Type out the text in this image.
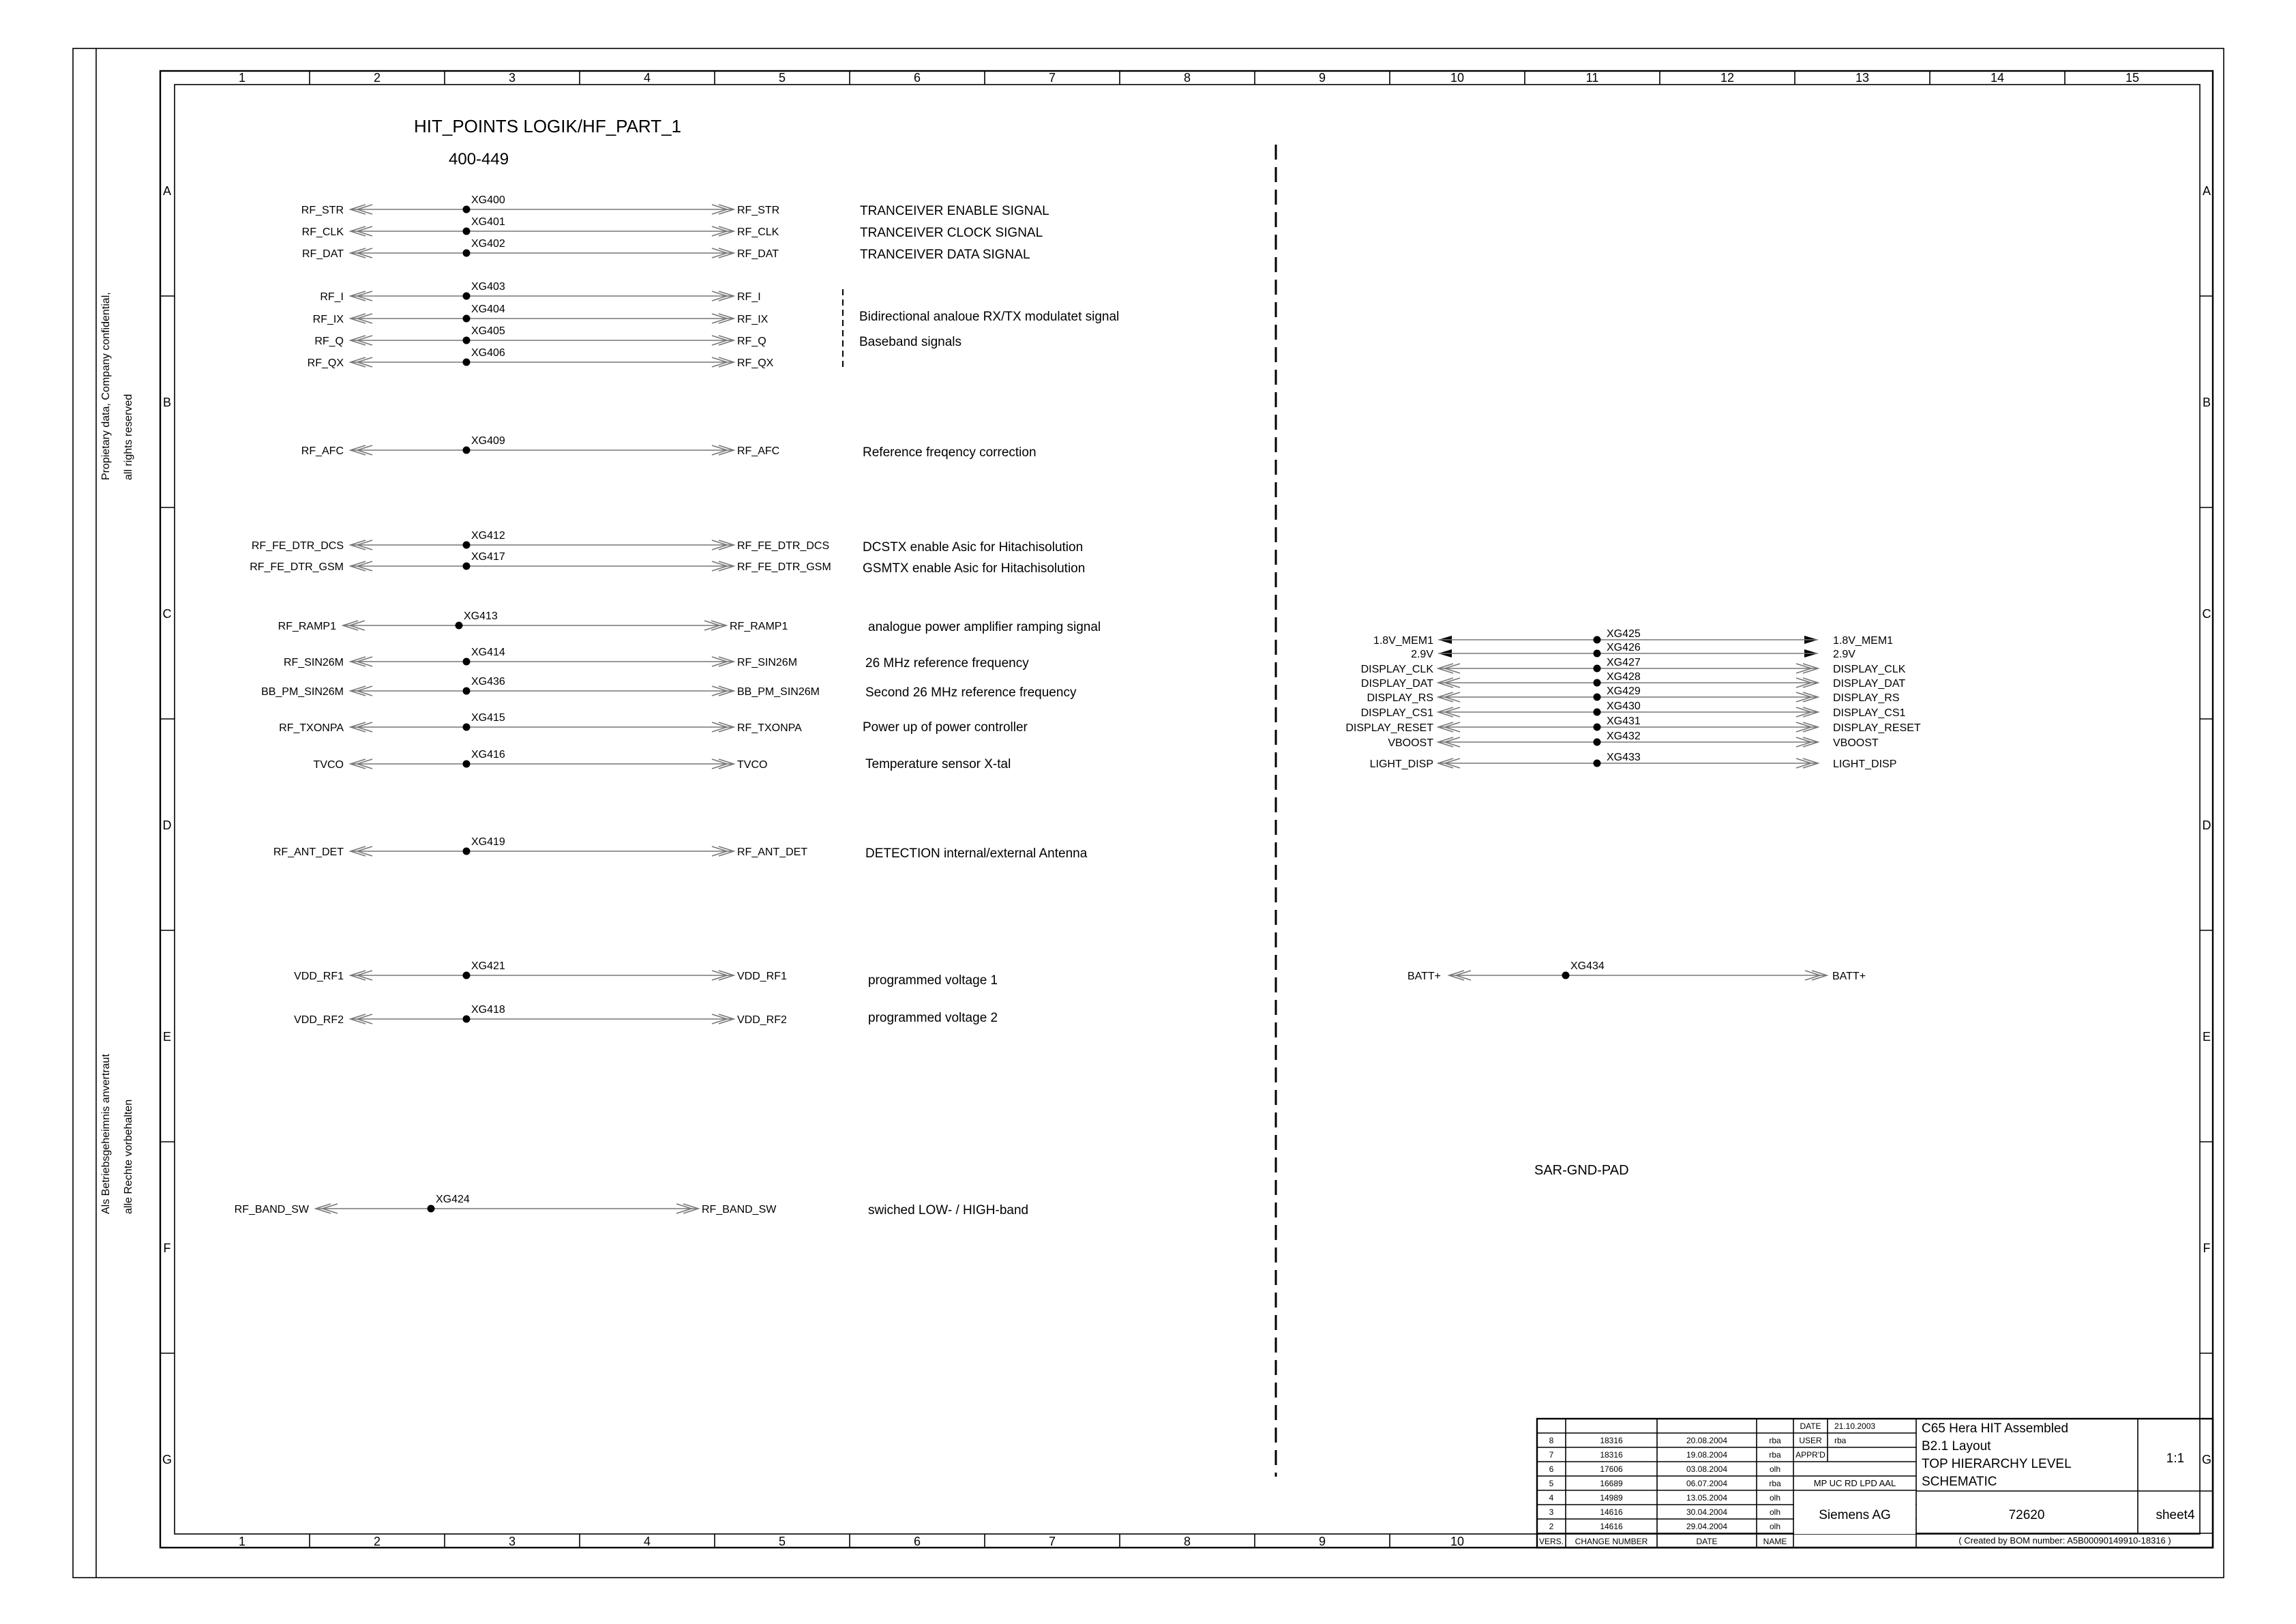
Propietary data, Company confidential, all rights reserved
Als Betriebsgeheimnis anvertraut alle Rechte vorbehalten
1	2	3	4	5	6	7	8	9	10	11	12	13	14	15
1	2	3	4	5	6	7	8	9	10
A	A
B	B
C	C
D	D
E	E
F	F
G	G
HIT_POINTS LOGIK/HF_PART_1
400-449
RF_STR
XG400
RF_STR	TRANCEIVER ENABLE SIGNAL
RF_CLK
XG401
RF_CLK	TRANCEIVER CLOCK SIGNAL
RF_DAT
XG402
RF_DAT	TRANCEIVER DATA SIGNAL
RF_I
XG403
RF_I
RF_IX
XG404
RF_IX
RF_Q
XG405
RF_Q
RF_QX
XG406
RF_QX
RF_AFC
XG409
RF_AFC	Reference freqency correction
RF_FE_DTR_DCS
XG412
RF_FE_DTR_DCS	DCSTX enable Asic for Hitachisolution
RF_FE_DTR_GSM
XG417
RF_FE_DTR_GSM GSMTX enable Asic for Hitachisolution
RF_RAMP1
XG413
RF_RAMP1	analogue power amplifier ramping signal
RF_SIN26M
XG414
RF_SIN26M	26 MHz reference frequency
BB_PM_SIN26M
XG436
BB_PM_SIN26M	Second 26 MHz reference frequency
RF_TXONPA
XG415
RF_TXONPA	Power up of power controller
TVCO
XG416
TVCO	Temperature sensor X-tal
RF_ANT_DET
XG419
RF_ANT_DET	DETECTION internal/external Antenna
VDD_RF1
XG421
VDD_RF1	programmed voltage 1
VDD_RF2
XG418
VDD_RF2	programmed voltage 2
RF_BAND_SW
XG424
RF_BAND_SW	swiched LOW- / HIGH-band
Bidirectional analoue RX/TX modulatet signal
Baseband signals
1.8V_MEM1
XG425
1.8V_MEM1
2.9V
XG426
2.9V
DISPLAY_CLK
XG427
DISPLAY_CLK
DISPLAY_DAT
XG428
DISPLAY_DAT
DISPLAY_RS
XG429
DISPLAY_RS
DISPLAY_CS1
XG430
DISPLAY_CS1
DISPLAY_RESET
XG431
DISPLAY_RESET
VBOOST
XG432
VBOOST
LIGHT_DISP
XG433
LIGHT_DISP
BATT+
XG434
BATT+
SAR-GND-PAD
8	18316	20.08.2004	rba
7	18316	19.08.2004	rba
6	17606	03.08.2004	olh
5	16689	06.07.2004	rba
4	14989	13.05.2004	olh
3	14616	30.04.2004	olh
2	14616	29.04.2004	olh
VERS. CHANGE NUMBER	DATE	NAME
DATE 21.10.2003
USER rba
APPR'D
MP UC RD LPD AAL
Siemens AG
C65 Hera HIT Assembled
B2.1 Layout
TOP HIERARCHY LEVEL
SCHEMATIC
1:1
72620	sheet4
( Created by BOM number: A5B00090149910-18316 )
